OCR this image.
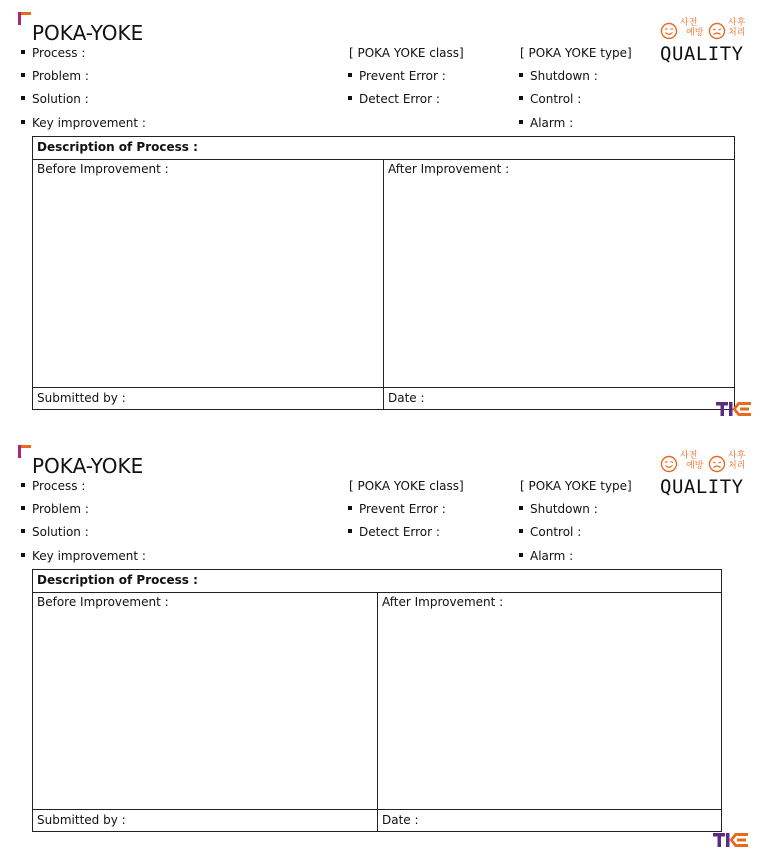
POKA-YOKE
Process :
Problem :
Solution :
Key improvement :
[ POKA YOKE class]
Prevent Error :
Detect Error :
[ POKA YOKE type]
Shutdown :
Control :
Alarm :
사전
예방
사후
처리
QUALITY
Description of Process :
Before Improvement :	After Improvement :
Submitted by :	Date :
POKA-YOKE
Process :
Problem :
Solution :
Key improvement :
[ POKA YOKE class]
Prevent Error :
Detect Error :
[ POKA YOKE type]
Shutdown :
Control :
Alarm :
사전
예방
사후
처리
QUALITY
Description of Process :
Before Improvement :	After Improvement :
Submitted by :	Date :
